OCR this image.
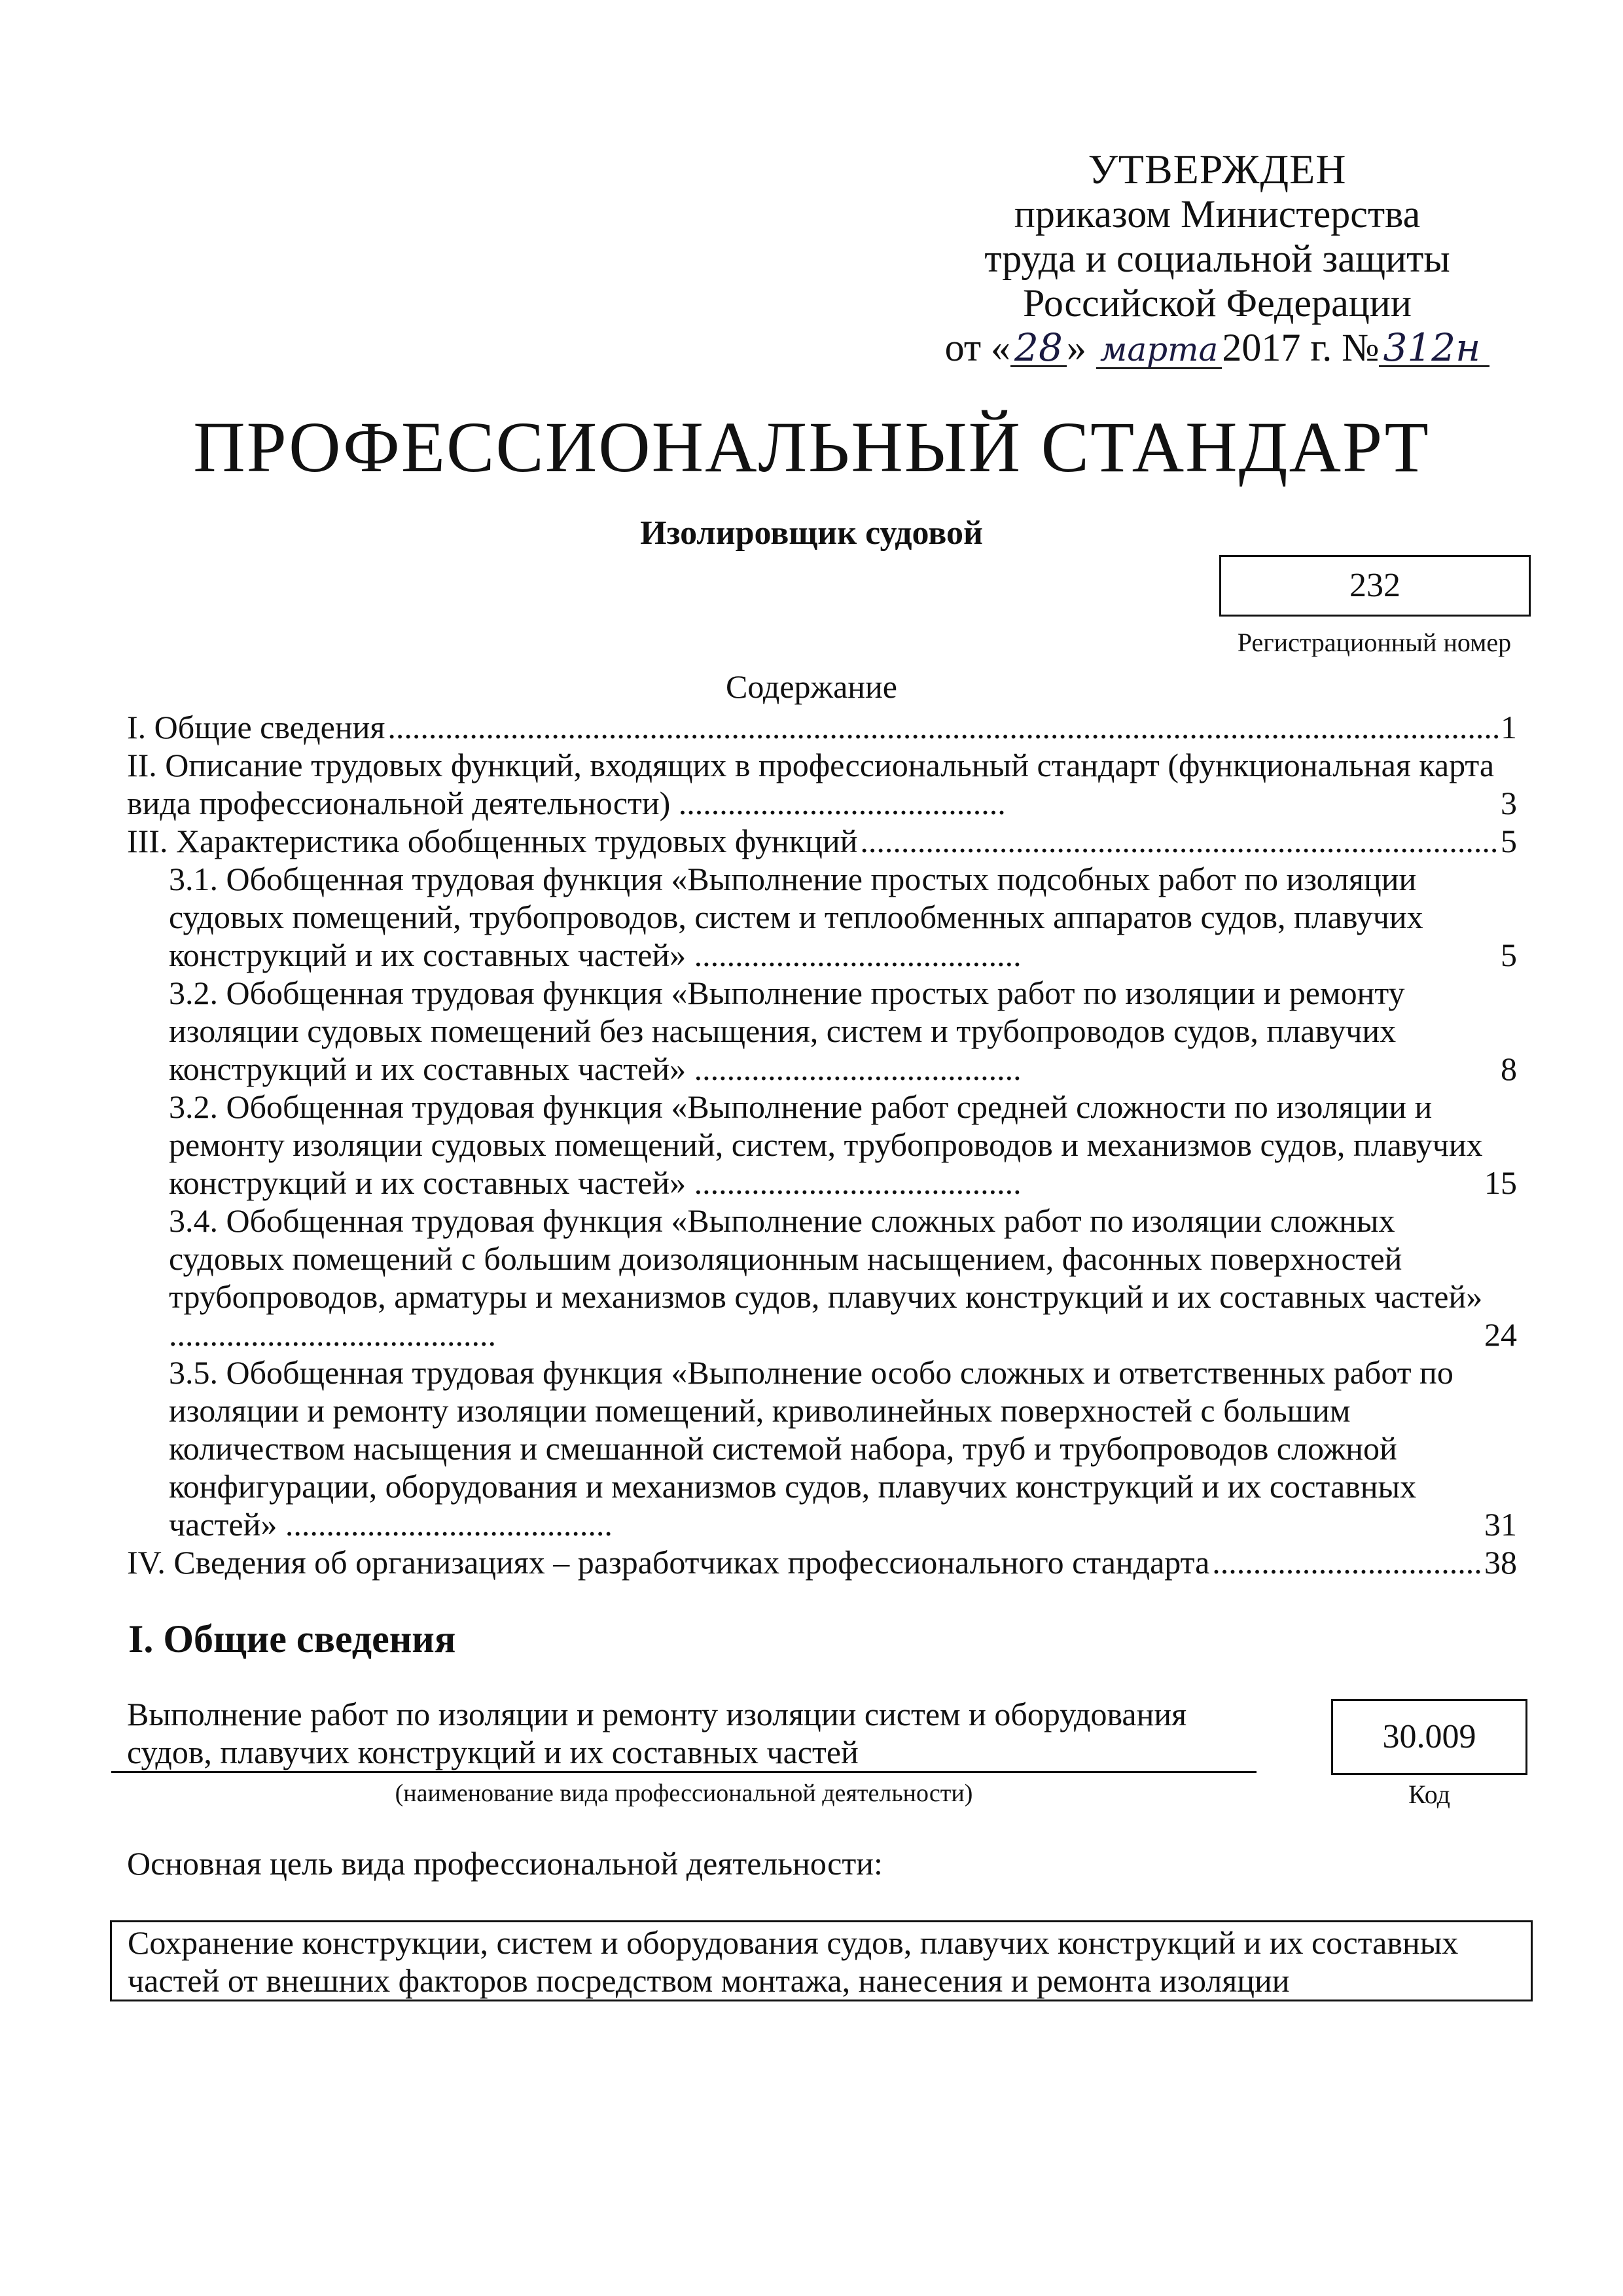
УТВЕРЖДЕН
приказом Министерства
труда и социальной защиты
Российской Федерации
от « 28 » марта 2017 г. № 312н
ПРОФЕССИОНАЛЬНЫЙ СТАНДАРТ
Изолировщик судовой
232
Регистрационный номер
Содержание
I. Общие сведения .....	1
II. Описание трудовых функций, входящих в профессиональный стандарт (функциональная карта вида профессиональной деятельности) ........................................	3
III. Характеристика обобщенных трудовых функций .....	5
3.1. Обобщенная трудовая функция «Выполнение простых подсобных работ по изоляции судовых помещений, трубопроводов, систем и теплообменных аппаратов судов, плавучих конструкций и их составных частей» ........................................	5
3.2. Обобщенная трудовая функция «Выполнение простых работ по изоляции и ремонту изоляции судовых помещений без насыщения, систем и трубопроводов судов, плавучих конструкций и их составных частей» ........................................	8
3.2. Обобщенная трудовая функция «Выполнение работ средней сложности по изоляции и ремонту изоляции судовых помещений, систем, трубопроводов и механизмов судов, плавучих конструкций и их составных частей» ........................................	15
3.4. Обобщенная трудовая функция «Выполнение сложных работ по изоляции сложных судовых помещений с большим доизоляционным насыщением, фасонных поверхностей трубопроводов, арматуры и механизмов судов, плавучих конструкций и их составных частей» ........................................	24
3.5. Обобщенная трудовая функция «Выполнение особо сложных и ответственных работ по изоляции и ремонту изоляции помещений, криволинейных поверхностей с большим количеством насыщения и смешанной системой набора, труб и трубопроводов сложной конфигурации, оборудования и механизмов судов, плавучих конструкций и их составных частей» ........................................	31
IV. Сведения об организациях – разработчиках профессионального стандарта .....	38
I. Общие сведения
Выполнение работ по изоляции и ремонту изоляции систем и оборудования судов, плавучих конструкций и их составных частей
(наименование вида профессиональной деятельности)
30.009
Код
Основная цель вида профессиональной деятельности:
Сохранение конструкции, систем и оборудования судов, плавучих конструкций и их составных частей от внешних факторов посредством монтажа, нанесения и ремонта изоляции
